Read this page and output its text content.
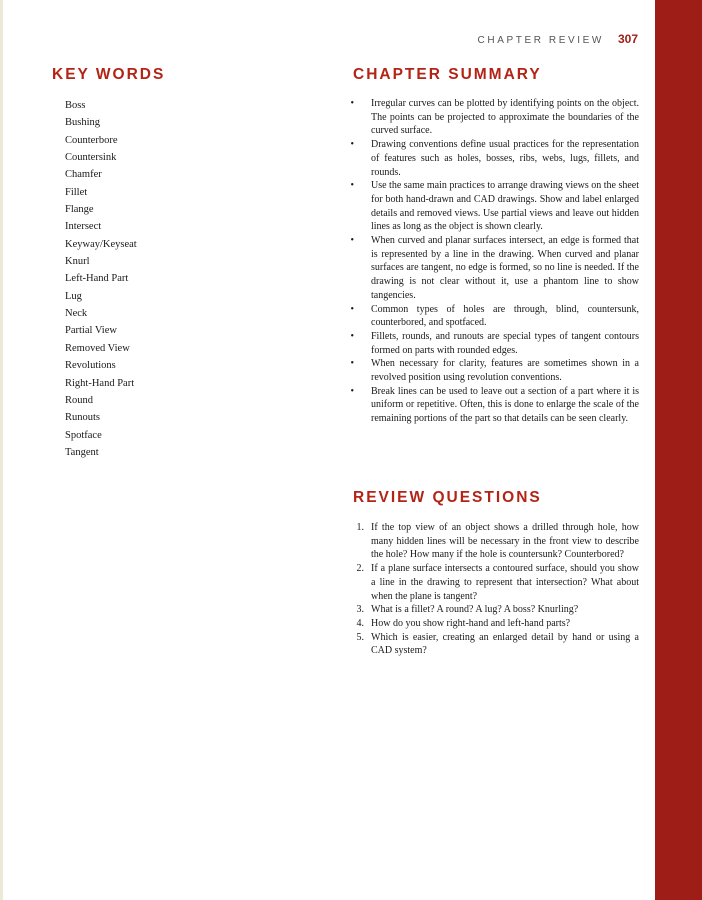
CHAPTER REVIEW 307
KEY WORDS
Boss
Bushing
Counterbore
Countersink
Chamfer
Fillet
Flange
Intersect
Keyway/Keyseat
Knurl
Left-Hand Part
Lug
Neck
Partial View
Removed View
Revolutions
Right-Hand Part
Round
Runouts
Spotface
Tangent
CHAPTER SUMMARY
• Irregular curves can be plotted by identifying points on the object. The points can be projected to approximate the boundaries of the curved surface.
• Drawing conventions define usual practices for the representation of features such as holes, bosses, ribs, webs, lugs, fillets, and rounds.
• Use the same main practices to arrange drawing views on the sheet for both hand-drawn and CAD drawings. Show and label enlarged details and removed views. Use partial views and leave out hidden lines as long as the object is shown clearly.
• When curved and planar surfaces intersect, an edge is formed that is represented by a line in the drawing. When curved and planar surfaces are tangent, no edge is formed, so no line is needed. If the drawing is not clear without it, use a phantom line to show tangencies.
• Common types of holes are through, blind, countersunk, counterbored, and spotfaced.
• Fillets, rounds, and runouts are special types of tangent contours formed on parts with rounded edges.
• When necessary for clarity, features are sometimes shown in a revolved position using revolution conventions.
• Break lines can be used to leave out a section of a part where it is uniform or repetitive. Often, this is done to enlarge the scale of the remaining portions of the part so that details can be seen clearly.
REVIEW QUESTIONS
1. If the top view of an object shows a drilled through hole, how many hidden lines will be necessary in the front view to describe the hole? How many if the hole is countersunk? Counterbored?
2. If a plane surface intersects a contoured surface, should you show a line in the drawing to represent that intersection? What about when the plane is tangent?
3. What is a fillet? A round? A lug? A boss? Knurling?
4. How do you show right-hand and left-hand parts?
5. Which is easier, creating an enlarged detail by hand or using a CAD system?
